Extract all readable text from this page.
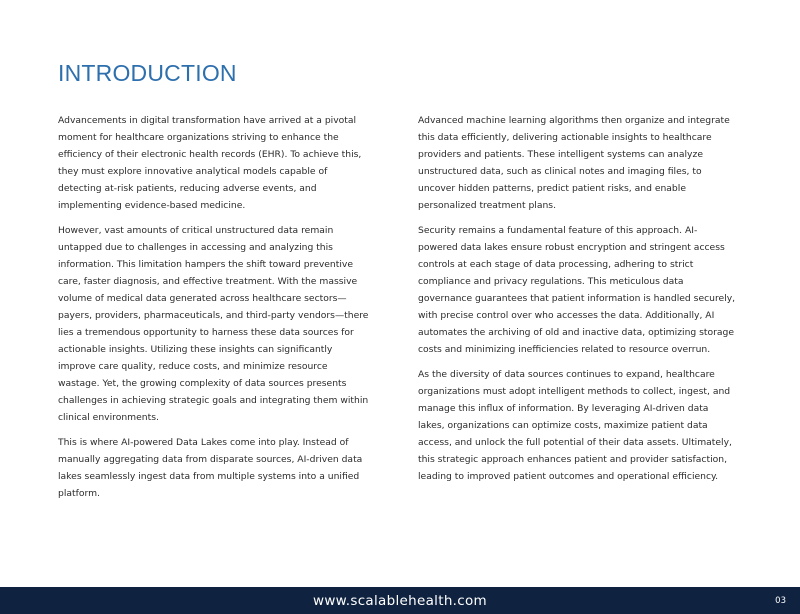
INTRODUCTION

Advancements in digital transformation have arrived at a pivotal moment for healthcare organizations striving to enhance the efficiency of their electronic health records (EHR). To achieve this, they must explore innovative analytical models capable of detecting at-risk patients, reducing adverse events, and implementing evidence-based medicine.

However, vast amounts of critical unstructured data remain untapped due to challenges in accessing and analyzing this information. This limitation hampers the shift toward preventive care, faster diagnosis, and effective treatment. With the massive volume of medical data generated across healthcare sectors—payers, providers, pharmaceuticals, and third-party vendors—there lies a tremendous opportunity to harness these data sources for actionable insights. Utilizing these insights can significantly improve care quality, reduce costs, and minimize resource wastage. Yet, the growing complexity of data sources presents challenges in achieving strategic goals and integrating them within clinical environments.

This is where AI-powered Data Lakes come into play. Instead of manually aggregating data from disparate sources, AI-driven data lakes seamlessly ingest data from multiple systems into a unified platform.

Advanced machine learning algorithms then organize and integrate this data efficiently, delivering actionable insights to healthcare providers and patients. These intelligent systems can analyze unstructured data, such as clinical notes and imaging files, to uncover hidden patterns, predict patient risks, and enable personalized treatment plans.

Security remains a fundamental feature of this approach. AI-powered data lakes ensure robust encryption and stringent access controls at each stage of data processing, adhering to strict compliance and privacy regulations. This meticulous data governance guarantees that patient information is handled securely, with precise control over who accesses the data. Additionally, AI automates the archiving of old and inactive data, optimizing storage costs and minimizing inefficiencies related to resource overrun.

As the diversity of data sources continues to expand, healthcare organizations must adopt intelligent methods to collect, ingest, and manage this influx of information. By leveraging AI-driven data lakes, organizations can optimize costs, maximize patient data access, and unlock the full potential of their data assets. Ultimately, this strategic approach enhances patient and provider satisfaction, leading to improved patient outcomes and operational efficiency.

www.scalablehealth.com	03
